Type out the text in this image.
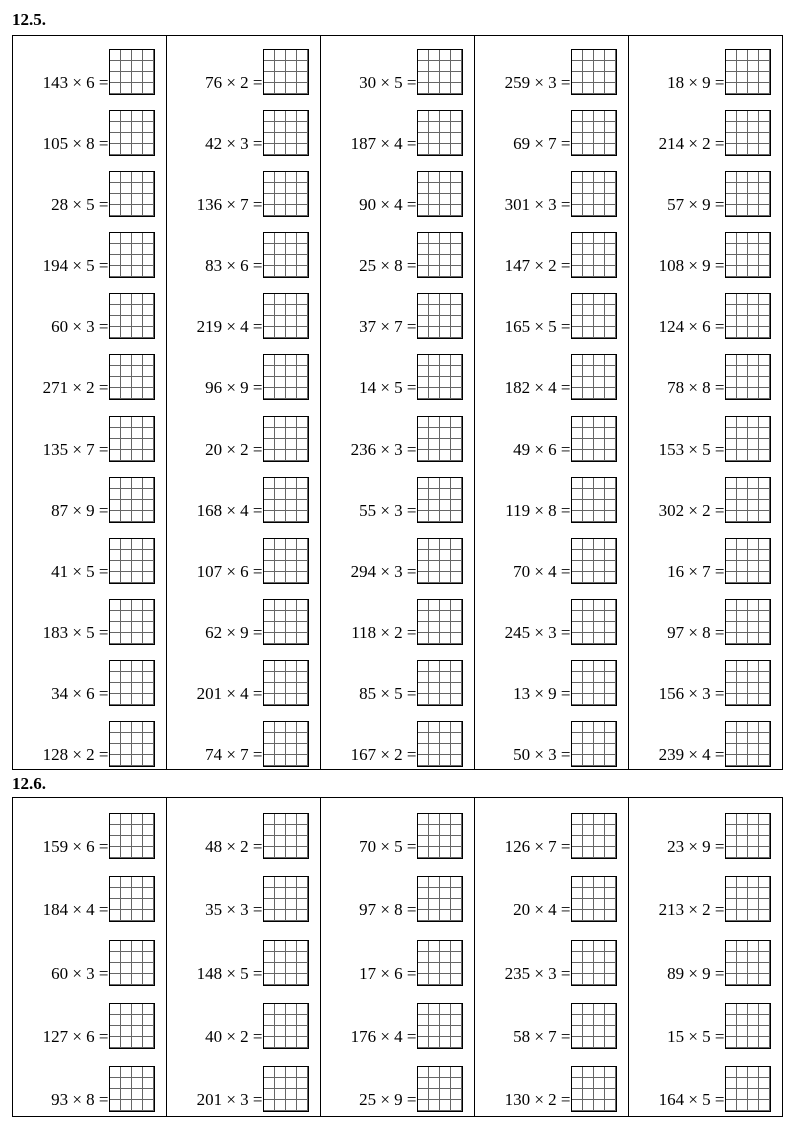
12.5.
143 × 6 =
105 × 8 =
28 × 5 =
194 × 5 =
60 × 3 =
271 × 2 =
135 × 7 =
87 × 9 =
41 × 5 =
183 × 5 =
34 × 6 =
128 × 2 =
76 × 2 =
42 × 3 =
136 × 7 =
83 × 6 =
219 × 4 =
96 × 9 =
20 × 2 =
168 × 4 =
107 × 6 =
62 × 9 =
201 × 4 =
74 × 7 =
30 × 5 =
187 × 4 =
90 × 4 =
25 × 8 =
37 × 7 =
14 × 5 =
236 × 3 =
55 × 3 =
294 × 3 =
118 × 2 =
85 × 5 =
167 × 2 =
259 × 3 =
69 × 7 =
301 × 3 =
147 × 2 =
165 × 5 =
182 × 4 =
49 × 6 =
119 × 8 =
70 × 4 =
245 × 3 =
13 × 9 =
50 × 3 =
18 × 9 =
214 × 2 =
57 × 9 =
108 × 9 =
124 × 6 =
78 × 8 =
153 × 5 =
302 × 2 =
16 × 7 =
97 × 8 =
156 × 3 =
239 × 4 =
12.6.
159 × 6 =
184 × 4 =
60 × 3 =
127 × 6 =
93 × 8 =
48 × 2 =
35 × 3 =
148 × 5 =
40 × 2 =
201 × 3 =
70 × 5 =
97 × 8 =
17 × 6 =
176 × 4 =
25 × 9 =
126 × 7 =
20 × 4 =
235 × 3 =
58 × 7 =
130 × 2 =
23 × 9 =
213 × 2 =
89 × 9 =
15 × 5 =
164 × 5 =
